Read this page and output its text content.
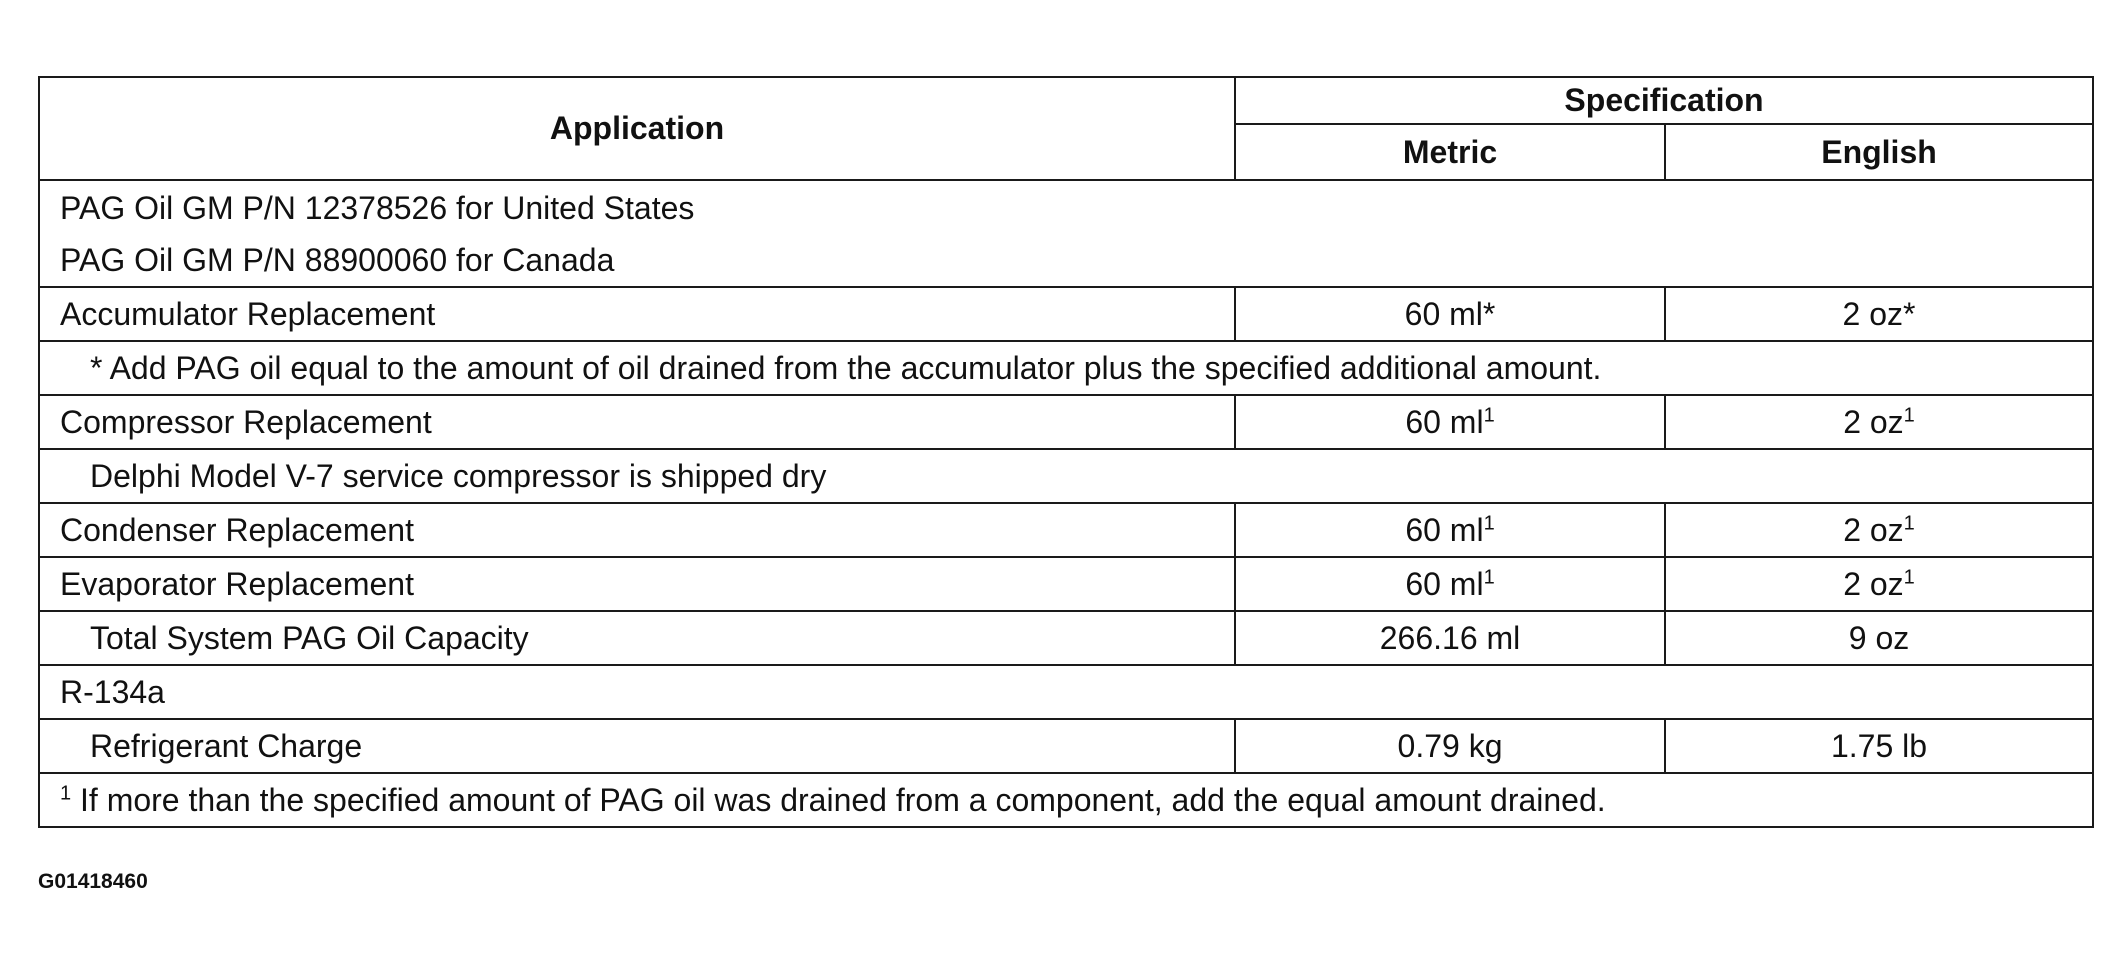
Application	Specification	
	Metric	English

PAG Oil GM P/N 12378526 for United States
PAG Oil GM P/N 88900060 for Canada		

Accumulator Replacement	60 ml*	2 oz*
* Add PAG oil equal to the amount of oil drained from the accumulator plus the specified additional amount.		
Compressor Replacement	60 $ml^1$	2 $oz^1$
Delphi Model V-7 service compressor is shipped dry		
Condenser Replacement	60 $ml^1$	2 $oz^1$
Evaporator Replacement	60 $ml^1$	2 $oz^1$
Total System PAG Oil Capacity	266.16 ml	9 oz
R-134a		
Refrigerant Charge	0.79 kg	1.75 lb
$^1$ If more than the specified amount of PAG oil was drained from a component, add the equal amount drained.		
G01418460
